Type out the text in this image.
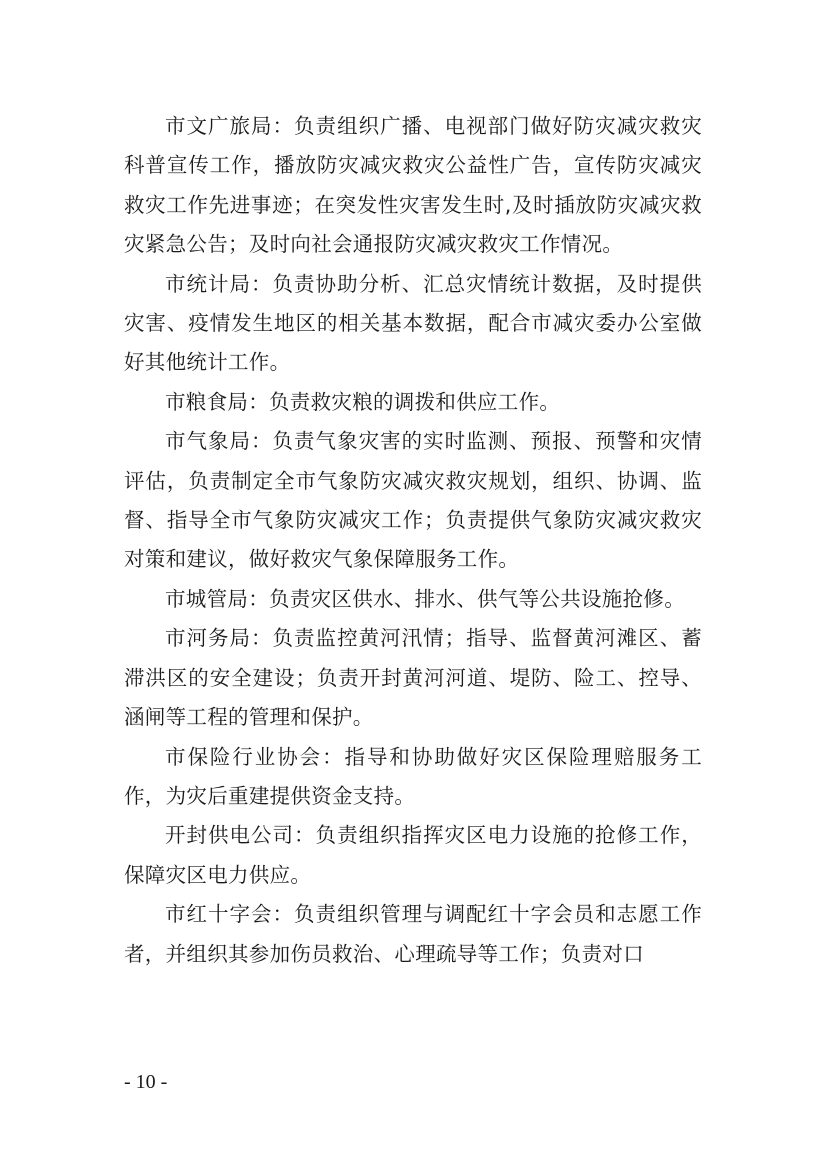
市文广旅局：负责组织广播、电视部门做好防灾减灾救灾科普宣传工作，播放防灾减灾救灾公益性广告，宣传防灾减灾救灾工作先进事迹；在突发性灾害发生时,及时插放防灾减灾救灾紧急公告；及时向社会通报防灾减灾救灾工作情况。

市统计局：负责协助分析、汇总灾情统计数据，及时提供灾害、疫情发生地区的相关基本数据，配合市减灾委办公室做好其他统计工作。

市粮食局：负责救灾粮的调拨和供应工作。

市气象局：负责气象灾害的实时监测、预报、预警和灾情评估，负责制定全市气象防灾减灾救灾规划，组织、协调、监督、指导全市气象防灾减灾工作；负责提供气象防灾减灾救灾对策和建议，做好救灾气象保障服务工作。

市城管局：负责灾区供水、排水、供气等公共设施抢修。

市河务局：负责监控黄河汛情；指导、监督黄河滩区、蓄滞洪区的安全建设；负责开封黄河河道、堤防、险工、控导、涵闸等工程的管理和保护。

市保险行业协会：指导和协助做好灾区保险理赔服务工作，为灾后重建提供资金支持。

开封供电公司：负责组织指挥灾区电力设施的抢修工作，保障灾区电力供应。

市红十字会：负责组织管理与调配红十字会员和志愿工作者，并组织其参加伤员救治、心理疏导等工作；负责对口

- 10 -
